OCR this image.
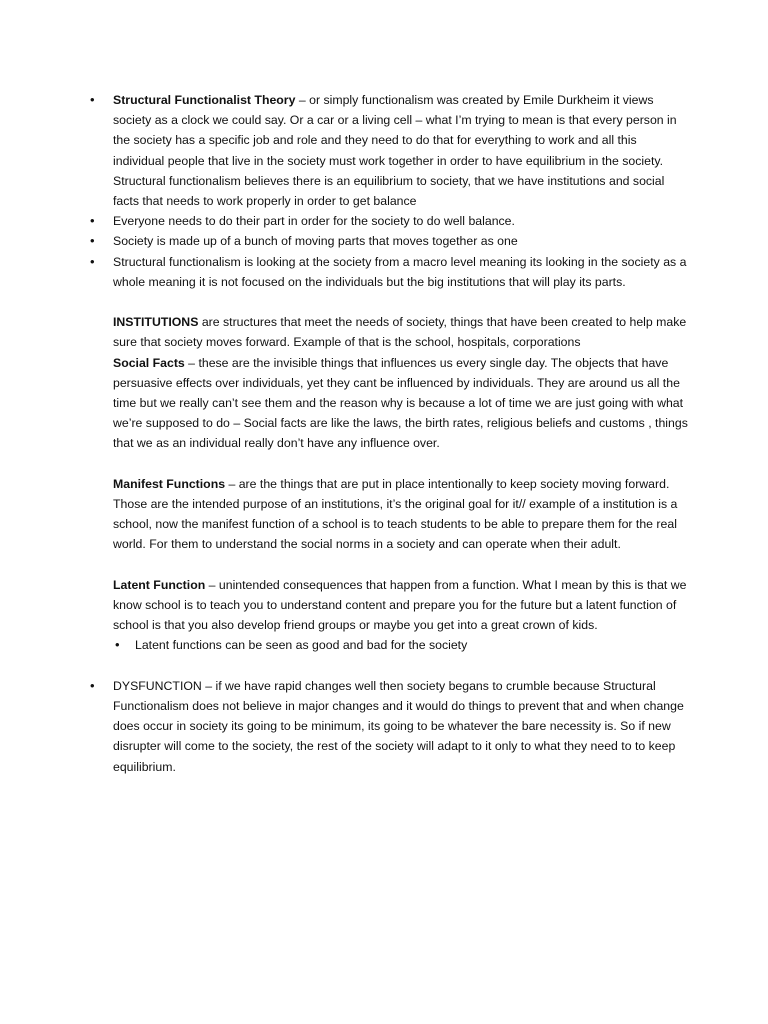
• Structural Functionalist Theory – or simply functionalism was created by Emile Durkheim it views society as a clock we could say. Or a car or a living cell – what I’m trying to mean is that every person in the society has a specific job and role and they need to do that for everything to work and all this individual people that live in the society must work together in order to have equilibrium in the society. Structural functionalism believes there is an equilibrium to society, that we have institutions and social facts that needs to work properly in order to get balance
• Everyone needs to do their part in order for the society to do well balance.
• Society is made up of a bunch of moving parts that moves together as one
• Structural functionalism is looking at the society from a macro level meaning its looking in the society as a whole meaning it is not focused on the individuals but the big institutions that will play its parts.

INSTITUTIONS are structures that meet the needs of society, things that have been created to help make sure that society moves forward. Example of that is the school, hospitals, corporations

Social Facts – these are the invisible things that influences us every single day. The objects that have persuasive effects over individuals, yet they cant be influenced by individuals. They are around us all the time but we really can’t see them and the reason why is because a lot of time we are just going with what we’re supposed to do – Social facts are like the laws, the birth rates, religious beliefs and customs , things that we as an individual really don’t have any influence over.

Manifest Functions – are the things that are put in place intentionally to keep society moving forward. Those are the intended purpose of an institutions, it’s the original goal for it// example of a institution is a school, now the manifest function of a school is to teach students to be able to prepare them for the real world. For them to understand the social norms in a society and can operate when their adult.

Latent Function – unintended consequences that happen from a function. What I mean by this is that we know school is to teach you to understand content and prepare you for the future but a latent function of school is that you also develop friend groups or maybe you get into a great crown of kids.

• Latent functions can be seen as good and bad for the society
• DYSFUNCTION – if we have rapid changes well then society begans to crumble because Structural Functionalism does not believe in major changes and it would do things to prevent that and when change does occur in society its going to be minimum, its going to be whatever the bare necessity is. So if new disrupter will come to the society, the rest of the society will adapt to it only to what they need to to keep equilibrium.
